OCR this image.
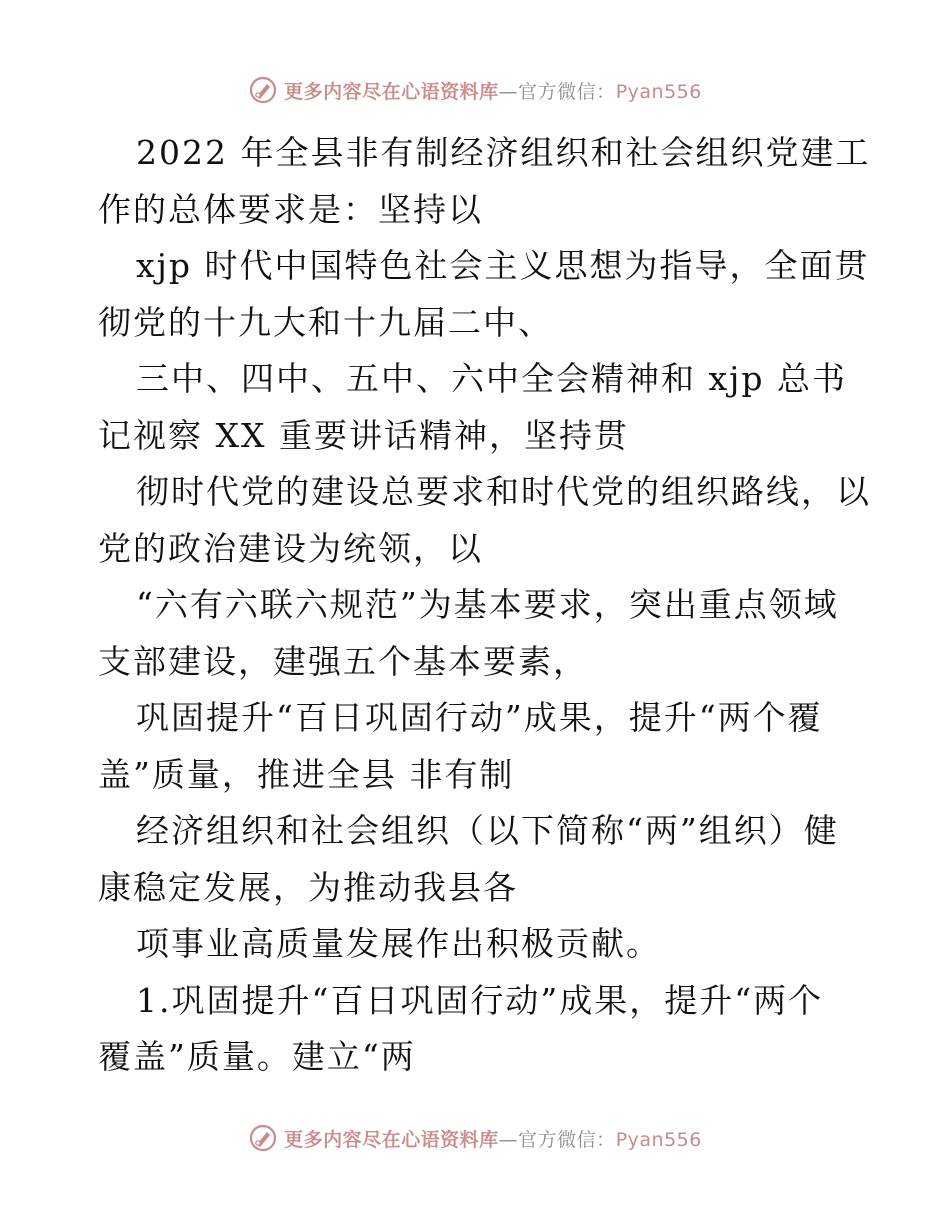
更多内容尽在心语资料库—官方微信：Pyan556
2022 年全县非有制经济组织和社会组织党建工
作的总体要求是：坚持以
xjp 时代中国特色社会主义思想为指导，全面贯
彻党的十九大和十九届二中、
三中、四中、五中、六中全会精神和 xjp 总书
记视察 XX 重要讲话精神，坚持贯
彻时代党的建设总要求和时代党的组织路线，以
党的政治建设为统领，以
“六有六联六规范”为基本要求，突出重点领域
支部建设，建强五个基本要素，
巩固提升“百日巩固行动”成果，提升“两个覆
盖”质量，推进全县 非有制
经济组织和社会组织（以下简称“两”组织）健
康稳定发展，为推动我县各
项事业高质量发展作出积极贡献。
1.巩固提升“百日巩固行动”成果，提升“两个
覆盖”质量。建立“两
更多内容尽在心语资料库—官方微信：Pyan556
